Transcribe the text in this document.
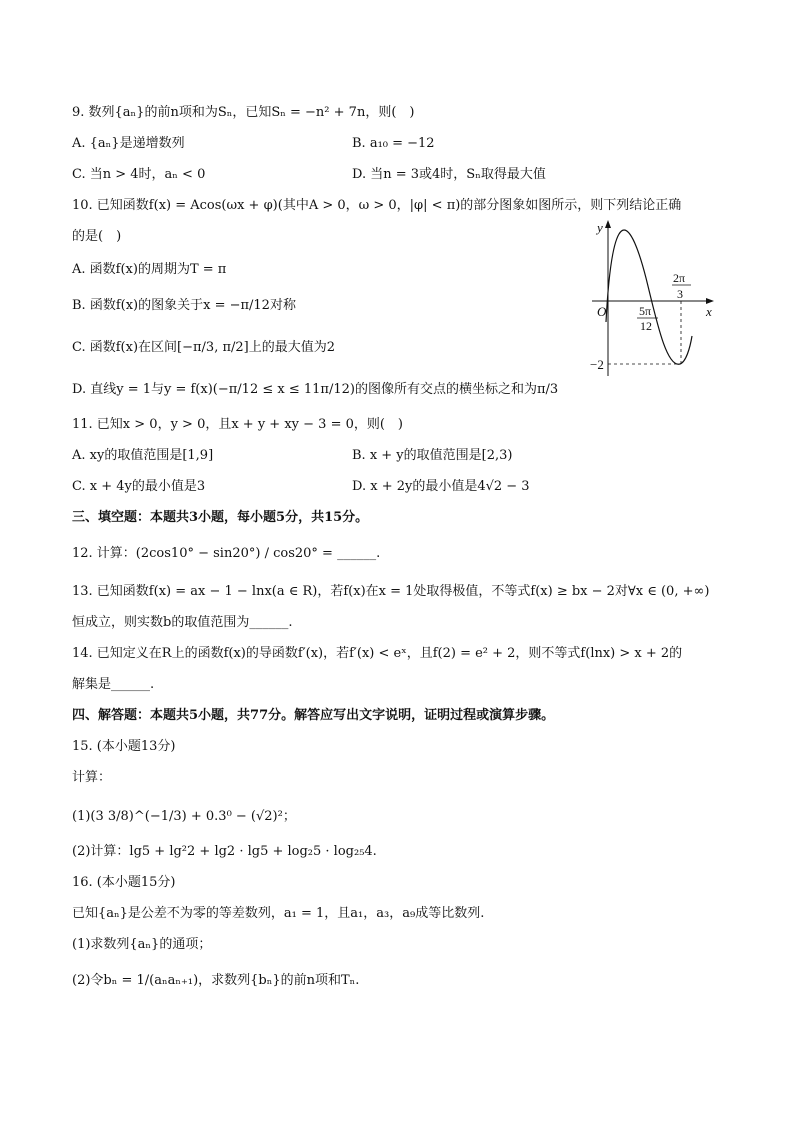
9. 数列{aₙ}的前n项和为Sₙ，已知Sₙ = −n² + 7n，则(　)
A. {aₙ}是递增数列	B. a₁₀ = −12
C. 当n > 4时，aₙ < 0	D. 当n = 3或4时，Sₙ取得最大值
10. 已知函数f(x) = Acos(ωx + φ)(其中A > 0，ω > 0，|φ| < π)的部分图象如图所示，则下列结论正确
的是(　)
A. 函数f(x)的周期为T = π
B. 函数f(x)的图象关于x = −π/12对称
C. 函数f(x)在区间[−π/3, π/2]上的最大值为2
D. 直线y = 1与y = f(x)(−π/12 ≤ x ≤ 11π/12)的图像所有交点的横坐标之和为π/3
y
x
O	5π
12
2π
3
−2
11. 已知x > 0，y > 0，且x + y + xy − 3 = 0，则(　)
A. xy的取值范围是[1,9]	B. x + y的取值范围是[2,3)
C. x + 4y的最小值是3	D. x + 2y的最小值是4√2 − 3
三、填空题：本题共3小题，每小题5分，共15分。
12. 计算：(2cos10° − sin20°) / cos20° = ______.
13. 已知函数f(x) = ax − 1 − lnx(a ∈ R)，若f(x)在x = 1处取得极值，不等式f(x) ≥ bx − 2对∀x ∈ (0, +∞)
恒成立，则实数b的取值范围为______.
14. 已知定义在R上的函数f(x)的导函数f′(x)，若f′(x) < eˣ，且f(2) = e² + 2，则不等式f(lnx) > x + 2的
解集是______.
四、解答题：本题共5小题，共77分。解答应写出文字说明，证明过程或演算步骤。
15. (本小题13分)
计算：
(1)(3 3/8)^(−1/3) + 0.3⁰ − (√2)²；
(2)计算：lg5 + lg²2 + lg2 · lg5 + log₂5 · log₂₅4.
16. (本小题15分)
已知{aₙ}是公差不为零的等差数列，a₁ = 1，且a₁，a₃，a₉成等比数列.
(1)求数列{aₙ}的通项；
(2)令bₙ = 1/(aₙaₙ₊₁)，求数列{bₙ}的前n项和Tₙ.
